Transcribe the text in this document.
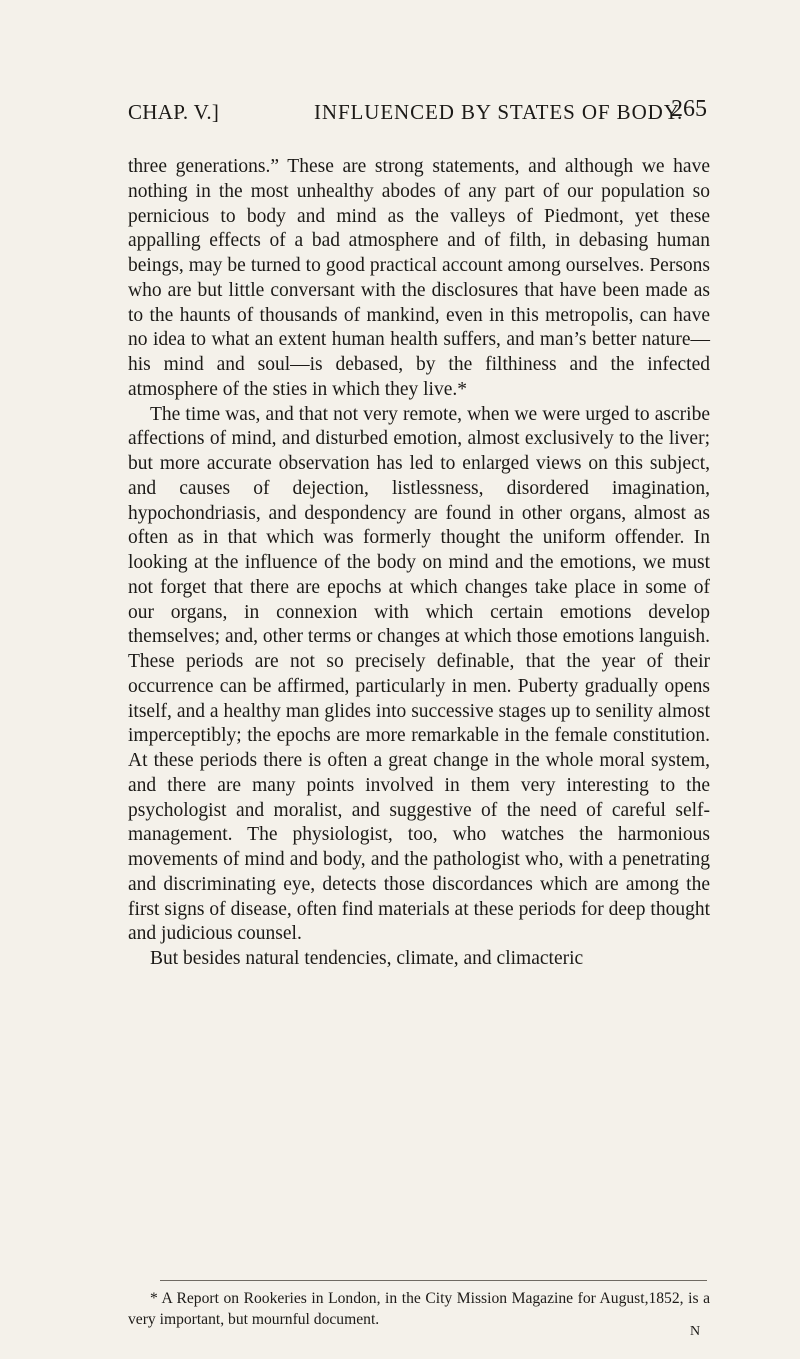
CHAP. V.]	INFLUENCED BY STATES OF BODY.
265

three generations.” These are strong statements, and although we have nothing in the most unhealthy abodes of any part of our population so pernicious to body and mind as the valleys of Piedmont, yet these appalling effects of a bad atmosphere and of filth, in debasing human beings, may be turned to good practical account among ourselves. Persons who are but little conversant with the disclosures that have been made as to the haunts of thousands of mankind, even in this metropolis, can have no idea to what an extent human health suffers, and man’s better nature—his mind and soul—is debased, by the filthiness and the infected atmosphere of the sties in which they live.*

The time was, and that not very remote, when we were urged to ascribe affections of mind, and disturbed emotion, almost exclusively to the liver; but more accurate observation has led to enlarged views on this subject, and causes of dejection, listlessness, disordered imagination, hypochondriasis, and despondency are found in other organs, almost as often as in that which was formerly thought the uniform offender. In looking at the influence of the body on mind and the emotions, we must not forget that there are epochs at which changes take place in some of our organs, in connexion with which certain emotions develop themselves; and, other terms or changes at which those emotions languish. These periods are not so precisely definable, that the year of their occurrence can be affirmed, particularly in men. Puberty gradually opens itself, and a healthy man glides into successive stages up to senility almost imperceptibly; the epochs are more remarkable in the female constitution. At these periods there is often a great change in the whole moral system, and there are many points involved in them very interesting to the psychologist and moralist, and suggestive of the need of careful self-management. The physiologist, too, who watches the harmonious movements of mind and body, and the pathologist who, with a penetrating and discriminating eye, detects those discordances which are among the first signs of disease, often find materials at these periods for deep thought and judicious counsel.

But besides natural tendencies, climate, and climacteric

* A Report on Rookeries in London, in the City Mission Magazine for August,1852, is a very important, but mournful document.

N
